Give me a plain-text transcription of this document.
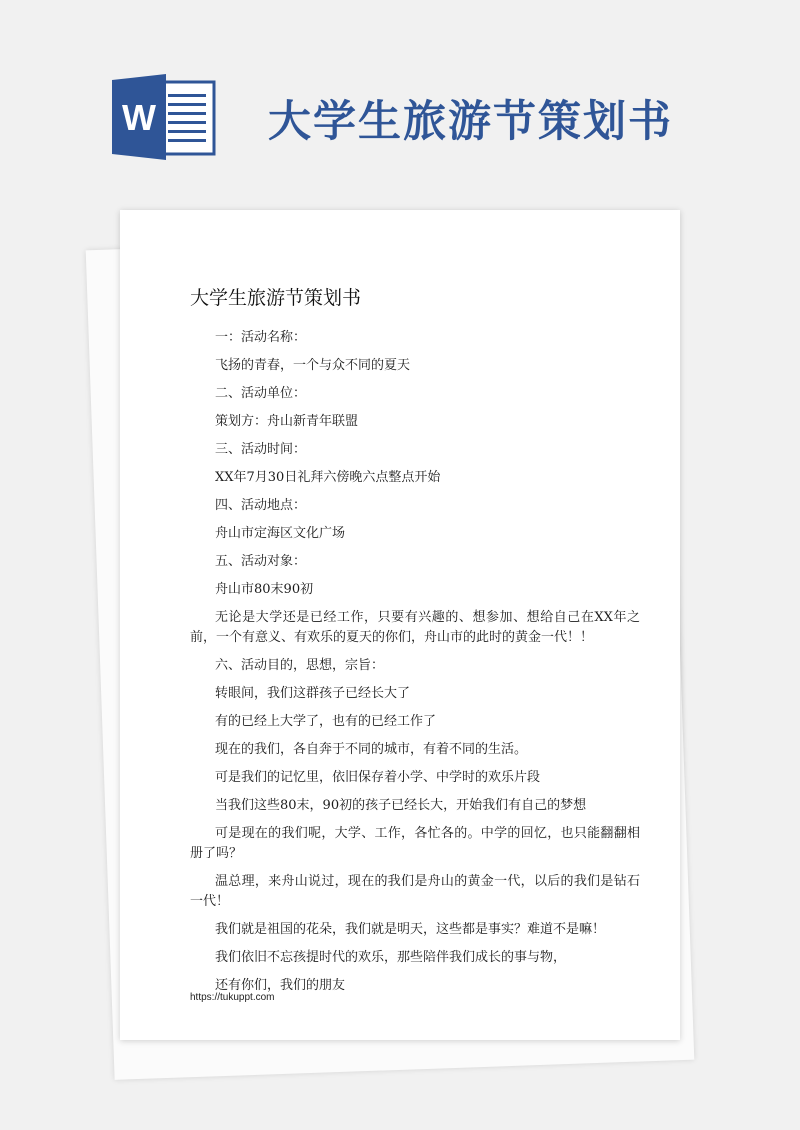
W	大学生旅游节策划书
大学生旅游节策划书
一：活动名称：
飞扬的青春，一个与众不同的夏天
二、活动单位：
策划方：舟山新青年联盟
三、活动时间：
XX年7月30日礼拜六傍晚六点整点开始
四、活动地点：
舟山市定海区文化广场
五、活动对象：
舟山市80末90初
无论是大学还是已经工作，只要有兴趣的、想参加、想给自己在XX年之前，一个有意义、有欢乐的夏天的你们，舟山市的此时的黄金一代！！
六、活动目的，思想，宗旨：
转眼间，我们这群孩子已经长大了
有的已经上大学了，也有的已经工作了
现在的我们，各自奔于不同的城市，有着不同的生活。
可是我们的记忆里，依旧保存着小学、中学时的欢乐片段
当我们这些80末，90初的孩子已经长大，开始我们有自己的梦想
可是现在的我们呢，大学、工作，各忙各的。中学的回忆，也只能翻翻相册了吗？
温总理，来舟山说过，现在的我们是舟山的黄金一代，以后的我们是钻石一代！
我们就是祖国的花朵，我们就是明天，这些都是事实？难道不是嘛！
我们依旧不忘孩提时代的欢乐，那些陪伴我们成长的事与物，
还有你们，我们的朋友
https://tukuppt.com
